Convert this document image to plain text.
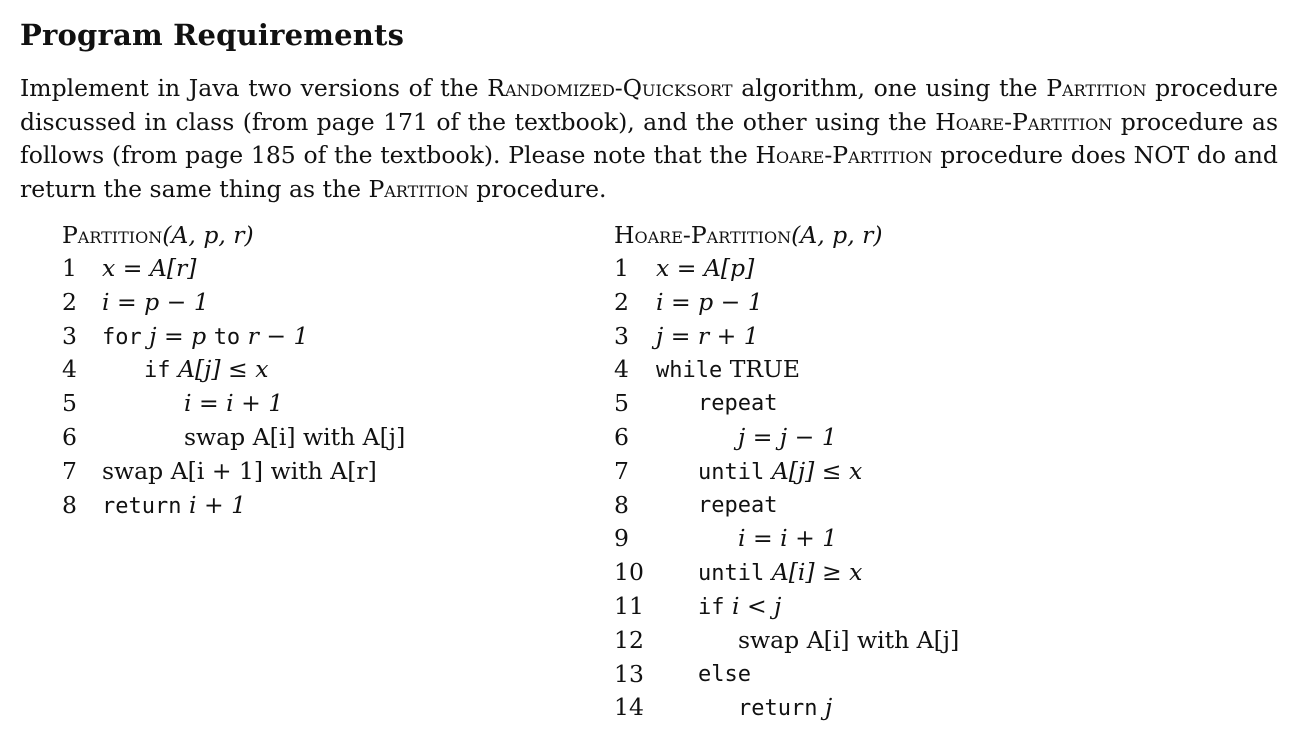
Program Requirements
Implement in Java two versions of the Randomized-Quicksort algorithm, one using the Partition procedure discussed in class (from page 171 of the textbook), and the other using the Hoare-Partition procedure as follows (from page 185 of the textbook). Please note that the Hoare-Partition procedure does NOT do and return the same thing as the Partition procedure.
Partition(A, p, r)
1 x = A[r]
2 i = p − 1
3 for j = p to r − 1
4	if A[j] ≤ x
5	i = i + 1
6	swap A[i] with A[j]
7 swap A[i + 1] with A[r]
8 return i + 1
Hoare-Partition(A, p, r)
1 x = A[p]
2 i = p − 1
3 j = r + 1
4 while TRUE
5	repeat
6	j = j − 1
7	until A[j] ≤ x
8	repeat
9	i = i + 1
10	until A[i] ≥ x
11	if i < j
12	swap A[i] with A[j]
13	else
14	return j
